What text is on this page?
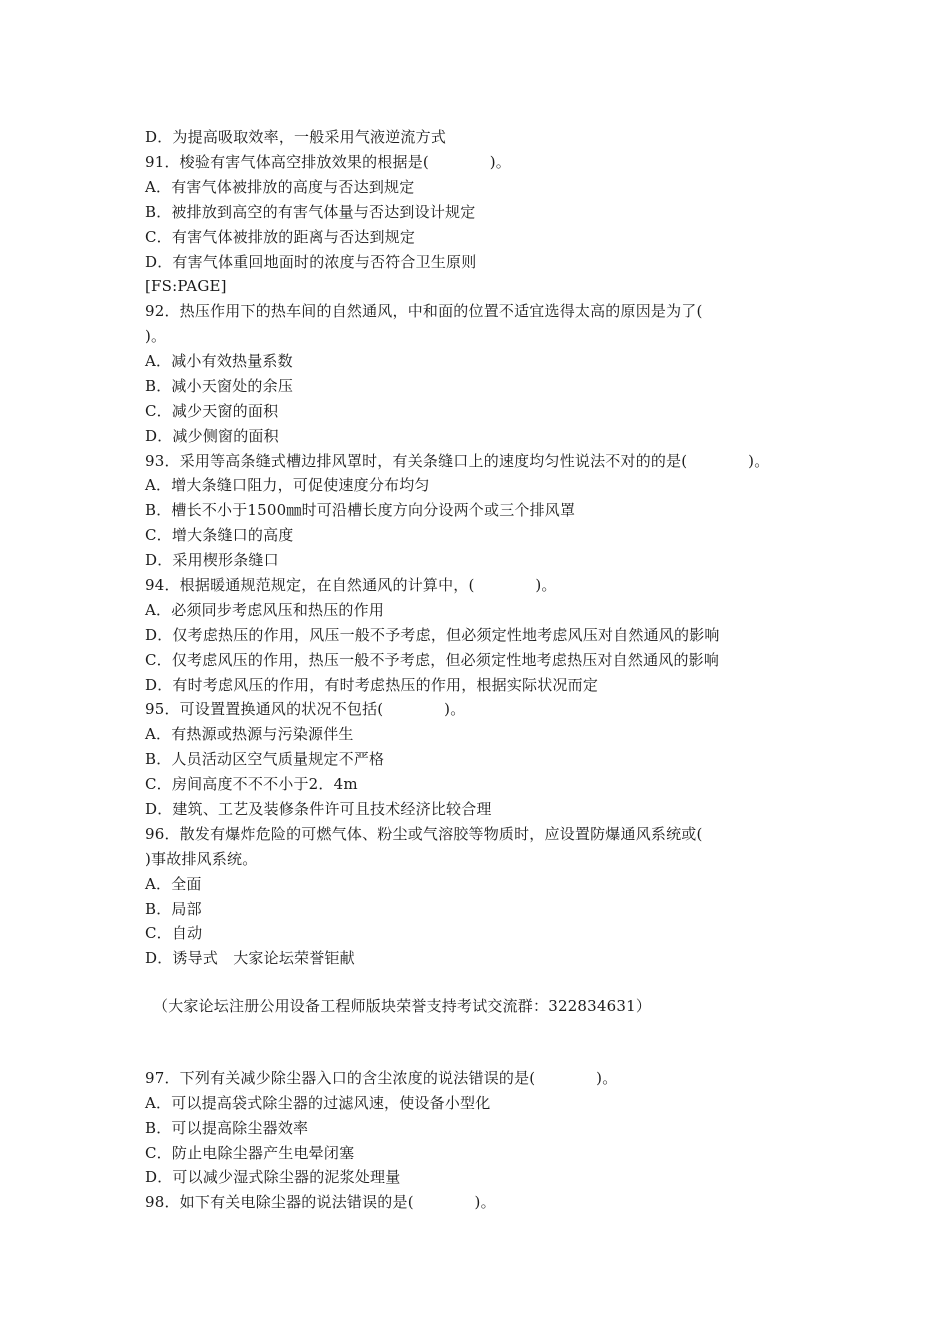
D．为提高吸取效率，一般采用气液逆流方式
91．梭验有害气体高空排放效果的根据是(　　　　)。
A．有害气体被排放的高度与否达到规定
B．被排放到高空的有害气体量与否达到设计规定
C．有害气体被排放的距离与否达到规定
D．有害气体重回地面时的浓度与否符合卫生原则
[FS:PAGE]
92．热压作用下的热车间的自然通风，中和面的位置不适宜选得太高的原因是为了(
)。
A．减小有效热量系数
B．减小天窗处的余压
C．减少天窗的面积
D．减少侧窗的面积
93．采用等高条缝式槽边排风罩时，有关条缝口上的速度均匀性说法不对的的是(　　　　)。
A．增大条缝口阻力，可促使速度分布均匀
B．槽长不小于1500㎜时可沿槽长度方向分设两个或三个排风罩
C．增大条缝口的高度
D．采用楔形条缝口
94．根据暖通规范规定，在自然通风的计算中，(　　　　)。
A．必须同步考虑风压和热压的作用
D．仅考虑热压的作用，风压一般不予考虑，但必须定性地考虑风压对自然通风的影响
C．仅考虑风压的作用，热压一般不予考虑，但必须定性地考虑热压对自然通风的影响
D．有时考虑风压的作用，有时考虑热压的作用，根据实际状况而定
95．可设置置换通风的状况不包括(　　　　)。
A．有热源或热源与污染源伴生
B．人员活动区空气质量规定不严格
C．房间高度不不不小于2．4m
D．建筑、工艺及装修条件许可且技术经济比较合理
96．散发有爆炸危险的可燃气体、粉尘或气溶胶等物质时，应设置防爆通风系统或(
)事故排风系统。
A．全面
B．局部
C．自动
D．诱导式　大家论坛荣誉钜献
（大家论坛注册公用设备工程师版块荣誉支持考试交流群：322834631）
97．下列有关减少除尘器入口的含尘浓度的说法错误的是(　　　　)。
A．可以提高袋式除尘器的过滤风速，使设备小型化
B．可以提高除尘器效率
C．防止电除尘器产生电晕闭塞
D．可以减少湿式除尘器的泥浆处理量
98．如下有关电除尘器的说法错误的是(　　　　)。
